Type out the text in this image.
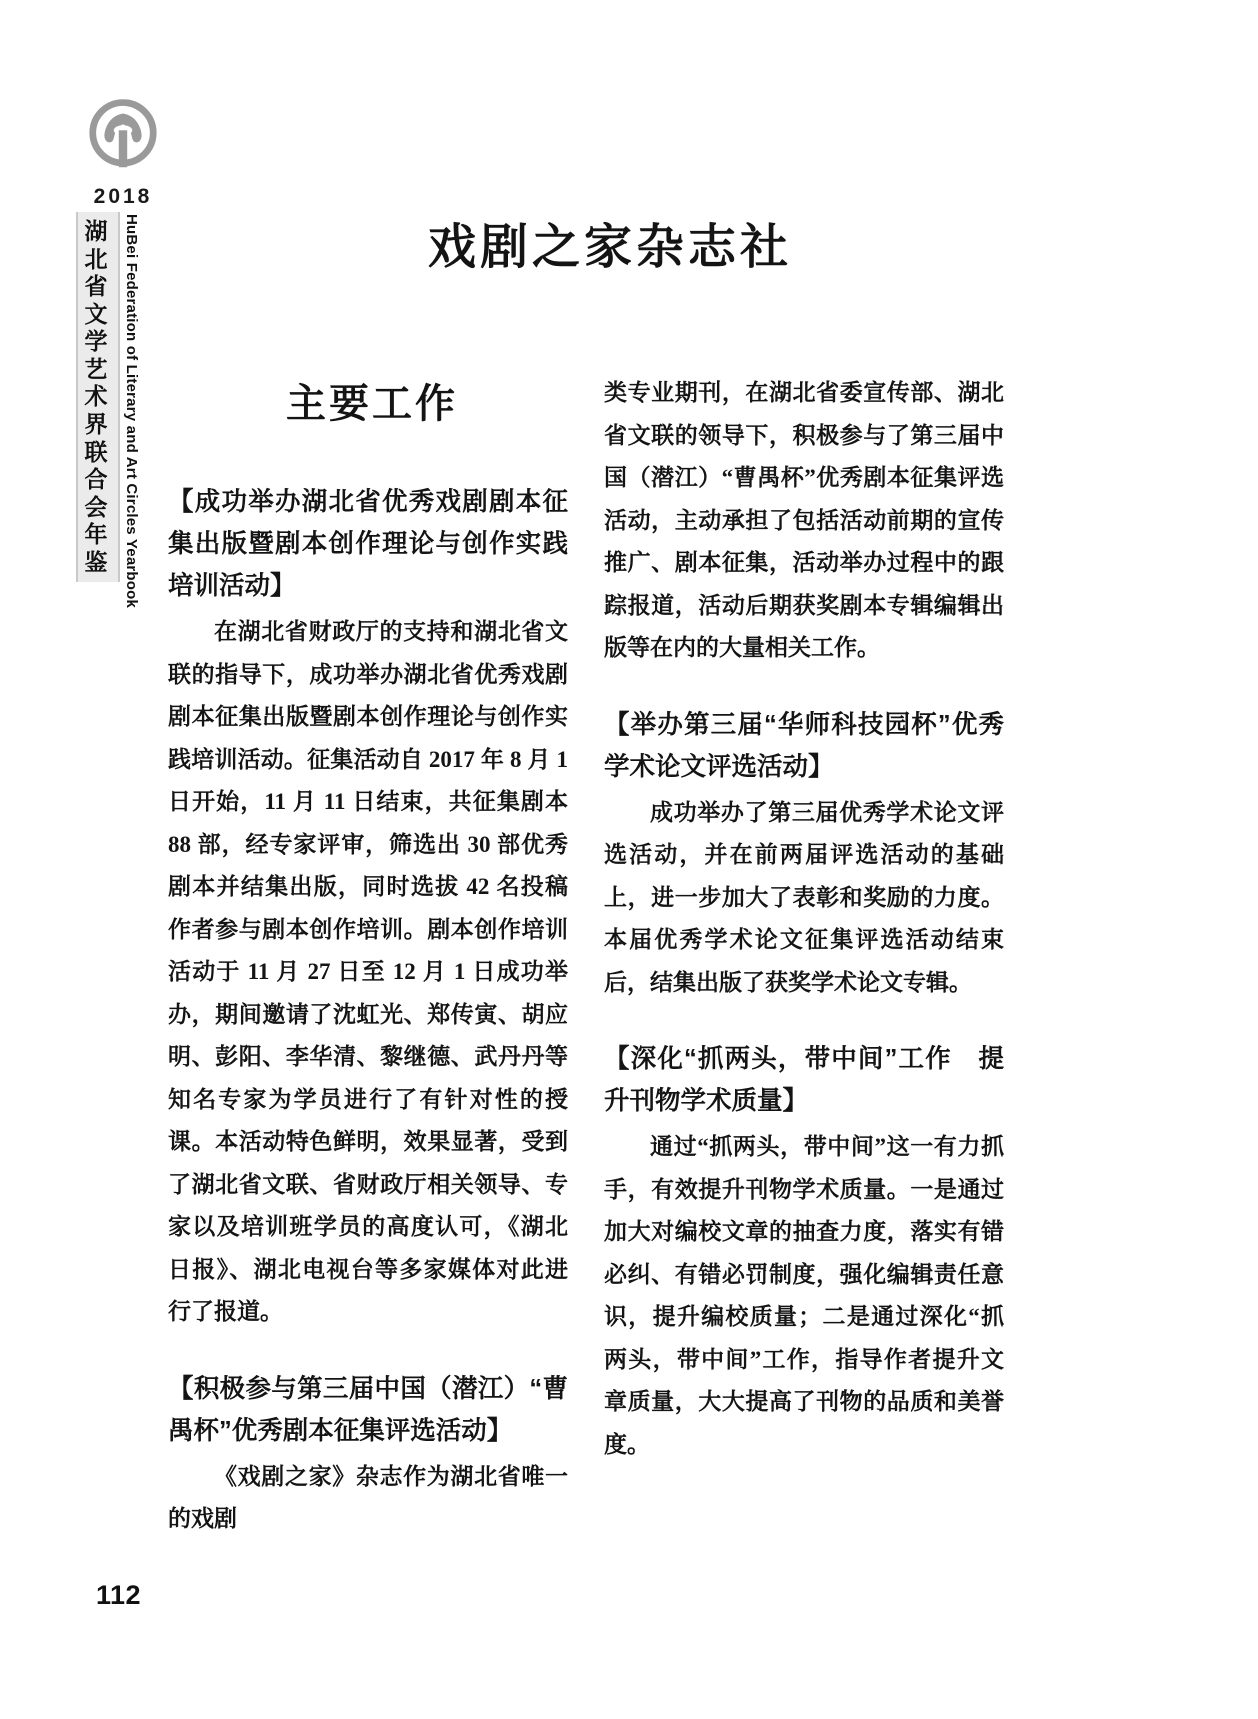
2018
湖
北
省
文
学
艺
术
界
联
合
会
年
鉴	HuBei Federation of Literary and Art Circles Yearbook	戏剧之家杂志社
主要工作
【成功举办湖北省优秀戏剧剧本征集出版暨剧本创作理论与创作实践培训活动】

在湖北省财政厅的支持和湖北省文联的指导下，成功举办湖北省优秀戏剧剧本征集出版暨剧本创作理论与创作实践培训活动。征集活动自 2017 年 8 月 1 日开始，11 月 11 日结束，共征集剧本 88 部，经专家评审，筛选出 30 部优秀剧本并结集出版，同时选拔 42 名投稿作者参与剧本创作培训。剧本创作培训活动于 11 月 27 日至 12 月 1 日成功举办，期间邀请了沈虹光、郑传寅、胡应明、彭阳、李华清、黎继德、武丹丹等知名专家为学员进行了有针对性的授课。本活动特色鲜明，效果显著，受到了湖北省文联、省财政厅相关领导、专家以及培训班学员的高度认可，《湖北日报》、湖北电视台等多家媒体对此进行了报道。

【积极参与第三届中国（潜江）“曹禺杯”优秀剧本征集评选活动】

《戏剧之家》杂志作为湖北省唯一的戏剧

类专业期刊，在湖北省委宣传部、湖北省文联的领导下，积极参与了第三届中国（潜江）“曹禺杯”优秀剧本征集评选活动，主动承担了包括活动前期的宣传推广、剧本征集，活动举办过程中的跟踪报道，活动后期获奖剧本专辑编辑出版等在内的大量相关工作。

【举办第三届“华师科技园杯”优秀学术论文评选活动】

成功举办了第三届优秀学术论文评选活动，并在前两届评选活动的基础上，进一步加大了表彰和奖励的力度。本届优秀学术论文征集评选活动结束后，结集出版了获奖学术论文专辑。

【深化“抓两头，带中间”工作　提升刊物学术质量】

通过“抓两头，带中间”这一有力抓手，有效提升刊物学术质量。一是通过加大对编校文章的抽查力度，落实有错必纠、有错必罚制度，强化编辑责任意识，提升编校质量；二是通过深化“抓两头，带中间”工作，指导作者提升文章质量，大大提高了刊物的品质和美誉度。

112
